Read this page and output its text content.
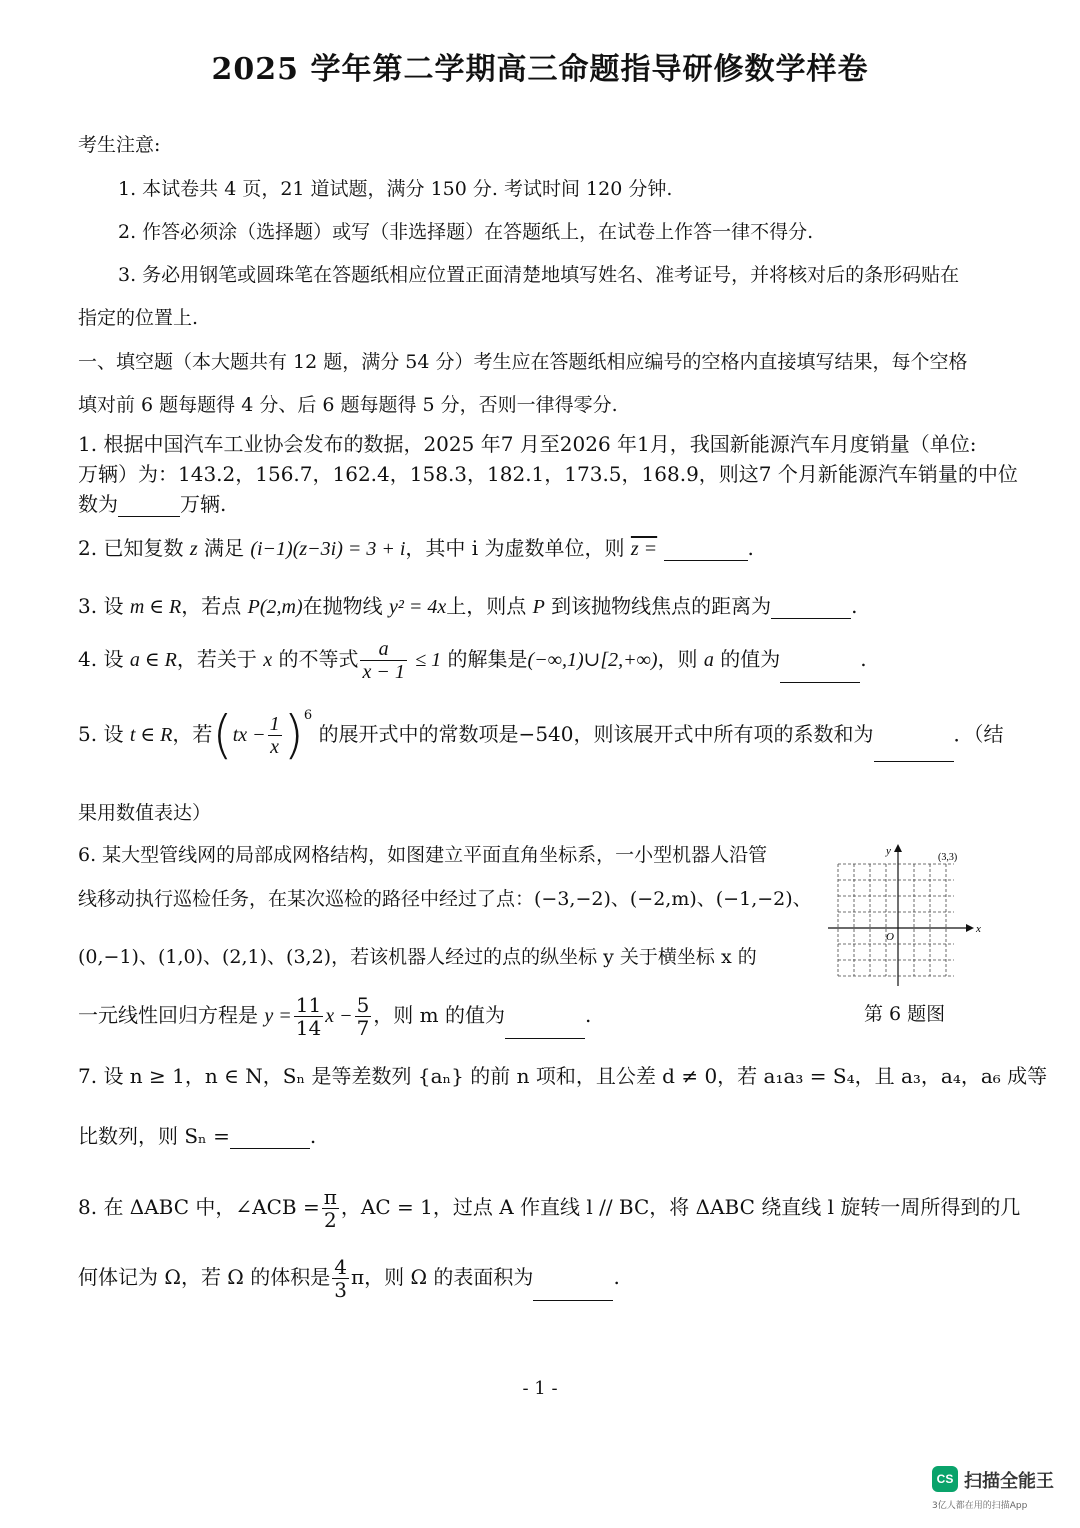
2025 学年第二学期高三命题指导研修数学样卷
考生注意:
1. 本试卷共 4 页，21 道试题，满分 150 分. 考试时间 120 分钟.
2. 作答必须涂（选择题）或写（非选择题）在答题纸上，在试卷上作答一律不得分.
3. 务必用钢笔或圆珠笔在答题纸相应位置正面清楚地填写姓名、准考证号，并将核对后的条形码贴在
指定的位置上.
一、填空题（本大题共有 12 题，满分 54 分）考生应在答题纸相应编号的空格内直接填写结果，每个空格
填对前 6 题每题得 4 分、后 6 题每题得 5 分，否则一律得零分.
1. 根据中国汽车工业协会发布的数据，2025 年7 月至2026 年1月，我国新能源汽车月度销量（单位:
万辆）为：143.2，156.7，162.4，158.3，182.1，173.5，168.9，则这7 个月新能源汽车销量的中位
数为	万辆.
2. 已知复数 z 满足 (i−1)(z−3i) = 3 + i，其中 i 为虚数单位，则 z =	.
3. 设 m ∈ R，若点 P(2,m)在抛物线 y² = 4x上，则点 P 到该抛物线焦点的距离为	.
4. 设 a ∈ R，若关于 x 的不等式 $\frac{a}{x - 1} \le 1$ 的解集是(−∞,1)∪[2,+∞)，则 a 的值为	.
5. 设 t ∈ R，若$(tx - \frac{1}{x} )^6$ 的展开式中的常数项是−540，则该展开式中所有项的系数和为	．（结
果用数值表达）
6. 某大型管线网的局部成网格结构，如图建立平面直角坐标系，一小型机器人沿管
线移动执行巡检任务，在某次巡检的路径中经过了点：(−3,−2)、(−2,m)、(−1,−2)、
(0,−1)、(1,0)、(2,1)、(3,2)，若该机器人经过的点的纵坐标 y 关于横坐标 x 的
一元线性回归方程是 $y = \frac{11}{14}$ $x - \frac{5}{7}$ ，则 m 的值为	.
x
y
O
(3,3)
第 6 题图
7. 设 n ≥ 1，n ∈ N，Sₙ 是等差数列 {aₙ} 的前 n 项和，且公差 d ≠ 0，若 a₁a₃ = S₄，且 a₃，a₄，a₆ 成等
比数列，则 Sₙ =	.
8. 在 ΔABC 中，∠ACB = $\frac{\pi}{2}$ ，AC = 1，过点 A 作直线 l // BC，将 ΔABC 绕直线 l 旋转一周所得到的几
何体记为 Ω，若 Ω 的体积是 $\frac{4}{3}$ π，则 Ω 的表面积为	.
- 1 -
CS 扫描全能王
3亿人都在用的扫描App
